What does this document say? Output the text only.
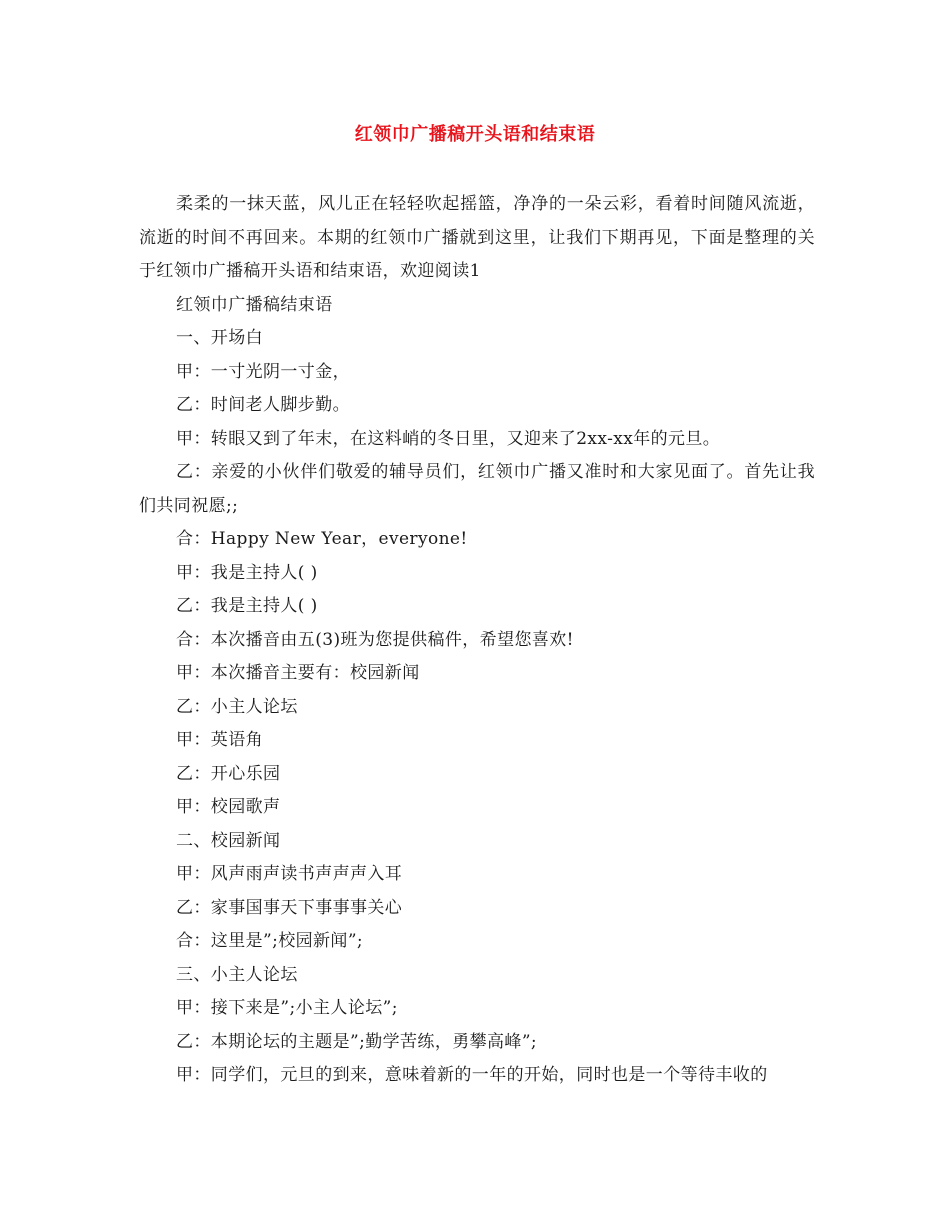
红领巾广播稿开头语和结束语

柔柔的一抹天蓝，风儿正在轻轻吹起摇篮，净净的一朵云彩，看着时间随风流逝，流逝的时间不再回来。本期的红领巾广播就到这里，让我们下期再见，下面是整理的关于红领巾广播稿开头语和结束语，欢迎阅读1

红领巾广播稿结束语

一、开场白

甲：一寸光阴一寸金，

乙：时间老人脚步勤。

甲：转眼又到了年末，在这料峭的冬日里，又迎来了2xx-xx年的元旦。

乙：亲爱的小伙伴们敬爱的辅导员们，红领巾广播又准时和大家见面了。首先让我们共同祝愿;;

合：Happy New Year，everyone!

甲：我是主持人( )

乙：我是主持人( )

合：本次播音由五(3)班为您提供稿件，希望您喜欢!

甲：本次播音主要有：校园新闻

乙：小主人论坛

甲：英语角

乙：开心乐园

甲：校园歌声

二、校园新闻

甲：风声雨声读书声声声入耳

乙：家事国事天下事事事关心

合：这里是”;校园新闻”;

三、小主人论坛

甲：接下来是”;小主人论坛”;

乙：本期论坛的主题是”;勤学苦练，勇攀高峰”;

甲：同学们，元旦的到来，意味着新的一年的开始，同时也是一个等待丰收的
